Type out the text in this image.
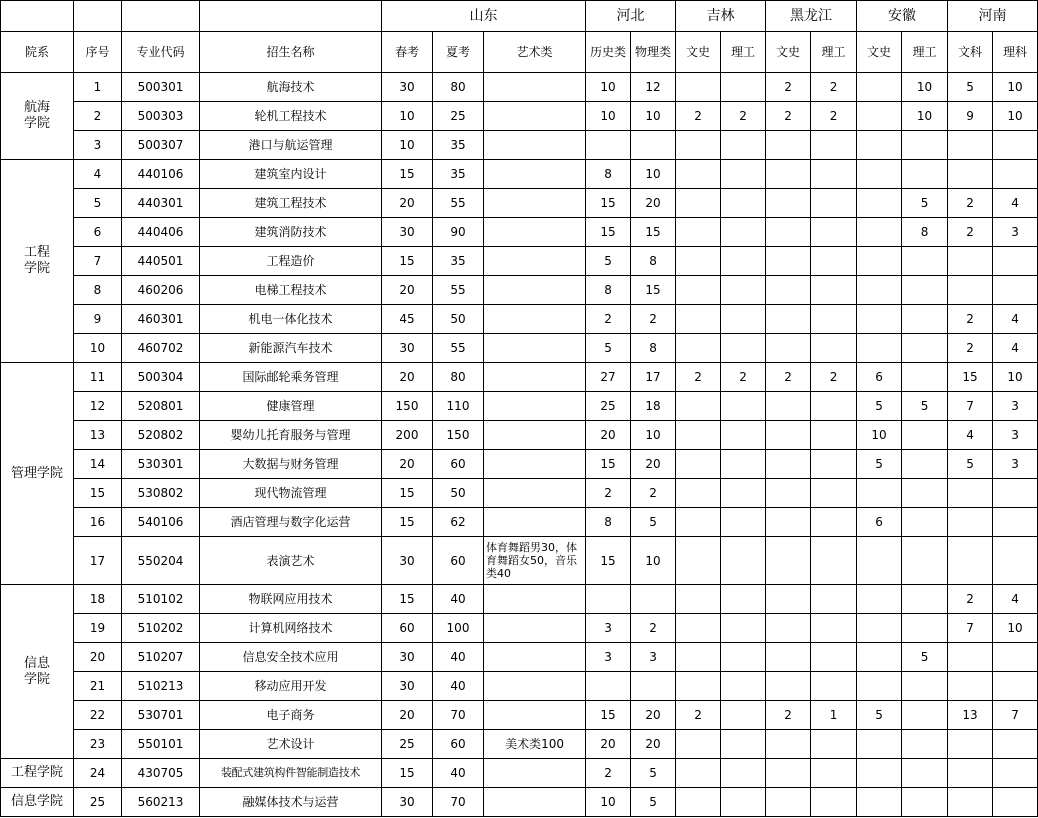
				山东			河北		吉林		黑龙江		安徽		河南	
院系	序号	专业代码	招生名称	春考	夏考	艺术类	历史类	物理类	文史	理工	文史	理工	文史	理工	文科	理科
航海学院	1	500301	航海技术	30	80		10	12			2	2		10	5	10
	2	500303	轮机工程技术	10	25		10	10	2	2	2	2		10	9	10
	3	500307	港口与航运管理	10	35											
工程学院	4	440106	建筑室内设计	15	35		8	10								
	5	440301	建筑工程技术	20	55		15	20						5	2	4
	6	440406	建筑消防技术	30	90		15	15						8	2	3
	7	440501	工程造价	15	35		5	8								
	8	460206	电梯工程技术	20	55		8	15								
	9	460301	机电一体化技术	45	50		2	2							2	4
	10	460702	新能源汽车技术	30	55		5	8							2	4
管理学院	11	500304	国际邮轮乘务管理	20	80		27	17	2	2	2	2	6		15	10
	12	520801	健康管理	150	110		25	18					5	5	7	3
	13	520802	婴幼儿托育服务与管理	200	150		20	10					10		4	3
	14	530301	大数据与财务管理	20	60		15	20					5		5	3
	15	530802	现代物流管理	15	50		2	2								
	16	540106	酒店管理与数字化运营	15	62		8	5					6			
	17	550204	表演艺术	30	60	体育舞蹈男30，体育舞蹈女50，音乐类40	15	10								
信息学院	18	510102	物联网应用技术	15	40										2	4
	19	510202	计算机网络技术	60	100		3	2							7	10
	20	510207	信息安全技术应用	30	40		3	3						5		
	21	510213	移动应用开发	30	40											
	22	530701	电子商务	20	70		15	20	2		2	1	5		13	7
	23	550101	艺术设计	25	60	美术类100	20	20								
工程学院	24	430705	装配式建筑构件智能制造技术	15	40		2	5								
信息学院	25	560213	融媒体技术与运营	30	70		10	5								
